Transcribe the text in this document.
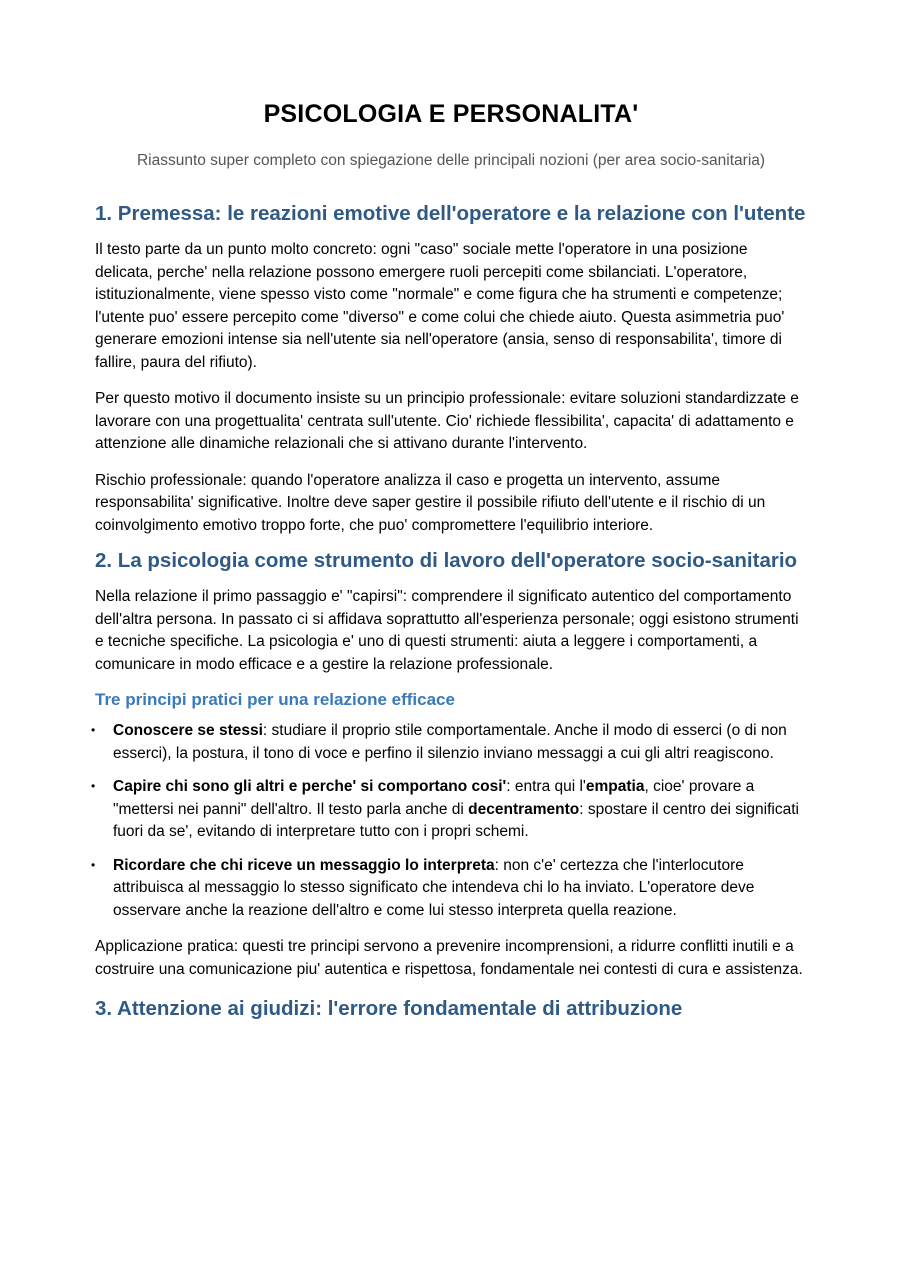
PSICOLOGIA E PERSONALITA'
Riassunto super completo con spiegazione delle principali nozioni (per area socio-sanitaria)
1. Premessa: le reazioni emotive dell'operatore e la relazione con l'utente

Il testo parte da un punto molto concreto: ogni "caso" sociale mette l'operatore in una posizione delicata, perche' nella relazione possono emergere ruoli percepiti come sbilanciati. L'operatore, istituzionalmente, viene spesso visto come "normale" e come figura che ha strumenti e competenze; l'utente puo' essere percepito come "diverso" e come colui che chiede aiuto. Questa asimmetria puo' generare emozioni intense sia nell'utente sia nell'operatore (ansia, senso di responsabilita', timore di fallire, paura del rifiuto).

Per questo motivo il documento insiste su un principio professionale: evitare soluzioni standardizzate e lavorare con una progettualita' centrata sull'utente. Cio' richiede flessibilita', capacita' di adattamento e attenzione alle dinamiche relazionali che si attivano durante l'intervento.

Rischio professionale: quando l'operatore analizza il caso e progetta un intervento, assume responsabilita' significative. Inoltre deve saper gestire il possibile rifiuto dell'utente e il rischio di un coinvolgimento emotivo troppo forte, che puo' compromettere l'equilibrio interiore.

2. La psicologia come strumento di lavoro dell'operatore socio-sanitario

Nella relazione il primo passaggio e' "capirsi": comprendere il significato autentico del comportamento dell'altra persona. In passato ci si affidava soprattutto all'esperienza personale; oggi esistono strumenti e tecniche specifiche. La psicologia e' uno di questi strumenti: aiuta a leggere i comportamenti, a comunicare in modo efficace e a gestire la relazione professionale.

Tre principi pratici per una relazione efficace
• Conoscere se stessi: studiare il proprio stile comportamentale. Anche il modo di esserci (o di non esserci), la postura, il tono di voce e perfino il silenzio inviano messaggi a cui gli altri reagiscono.
• Capire chi sono gli altri e perche' si comportano cosi': entra qui l'empatia, cioe' provare a "mettersi nei panni" dell'altro. Il testo parla anche di decentramento: spostare il centro dei significati fuori da se', evitando di interpretare tutto con i propri schemi.
• Ricordare che chi riceve un messaggio lo interpreta: non c'e' certezza che l'interlocutore attribuisca al messaggio lo stesso significato che intendeva chi lo ha inviato. L'operatore deve osservare anche la reazione dell'altro e come lui stesso interpreta quella reazione.

Applicazione pratica: questi tre principi servono a prevenire incomprensioni, a ridurre conflitti inutili e a costruire una comunicazione piu' autentica e rispettosa, fondamentale nei contesti di cura e assistenza.

3. Attenzione ai giudizi: l'errore fondamentale di attribuzione
